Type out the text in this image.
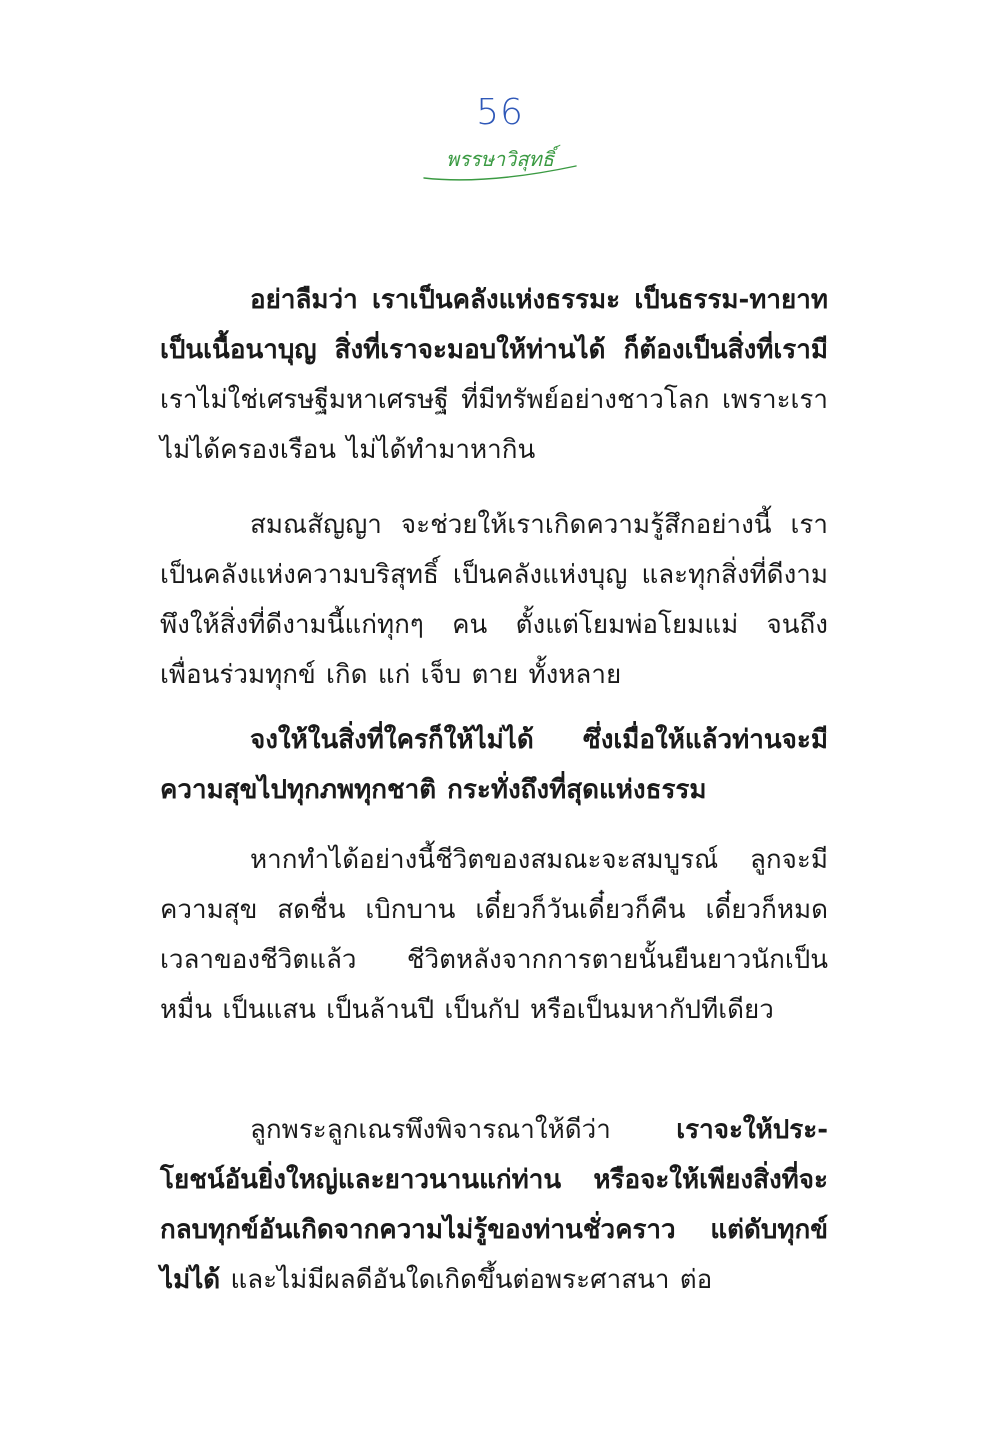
56
พรรษาวิสุทธิ์

อย่าลืมว่า เราเป็นคลังแห่งธรรมะ เป็นธรรม-ทายาท เป็นเนื้อนาบุญ สิ่งที่เราจะมอบให้ท่านได้ ก็ต้องเป็นสิ่งที่เรามี เราไม่ใช่เศรษฐีมหาเศรษฐี ที่มีทรัพย์อย่างชาวโลก เพราะเราไม่ได้ครองเรือน ไม่ได้ทำมาหากิน

สมณสัญญา จะช่วยให้เราเกิดความรู้สึกอย่างนี้ เราเป็นคลังแห่งความบริสุทธิ์ เป็นคลังแห่งบุญ และทุกสิ่งที่ดีงาม พึงให้สิ่งที่ดีงามนี้แก่ทุกๆ คน ตั้งแต่โยมพ่อโยมแม่ จนถึงเพื่อนร่วมทุกข์ เกิด แก่ เจ็บ ตาย ทั้งหลาย

จงให้ในสิ่งที่ใครก็ให้ไม่ได้ ซึ่งเมื่อให้แล้วท่านจะมีความสุขไปทุกภพทุกชาติ กระทั่งถึงที่สุดแห่งธรรม

หากทำได้อย่างนี้ชีวิตของสมณะจะสมบูรณ์ ลูกจะมีความสุข สดชื่น เบิกบาน เดี๋ยวก็วันเดี๋ยวก็คืน เดี๋ยวก็หมดเวลาของชีวิตแล้ว ชีวิตหลังจากการตายนั้นยืนยาวนักเป็นหมื่น เป็นแสน เป็นล้านปี เป็นกัป หรือเป็นมหากัปทีเดียว

ลูกพระลูกเณรพึงพิจารณาให้ดีว่า เราจะให้ประ-โยชน์อันยิ่งใหญ่และยาวนานแก่ท่าน หรือจะให้เพียงสิ่งที่จะกลบทุกข์อันเกิดจากความไม่รู้ของท่านชั่วคราว แต่ดับทุกข์ไม่ได้ และไม่มีผลดีอันใดเกิดขึ้นต่อพระศาสนา ต่อ
